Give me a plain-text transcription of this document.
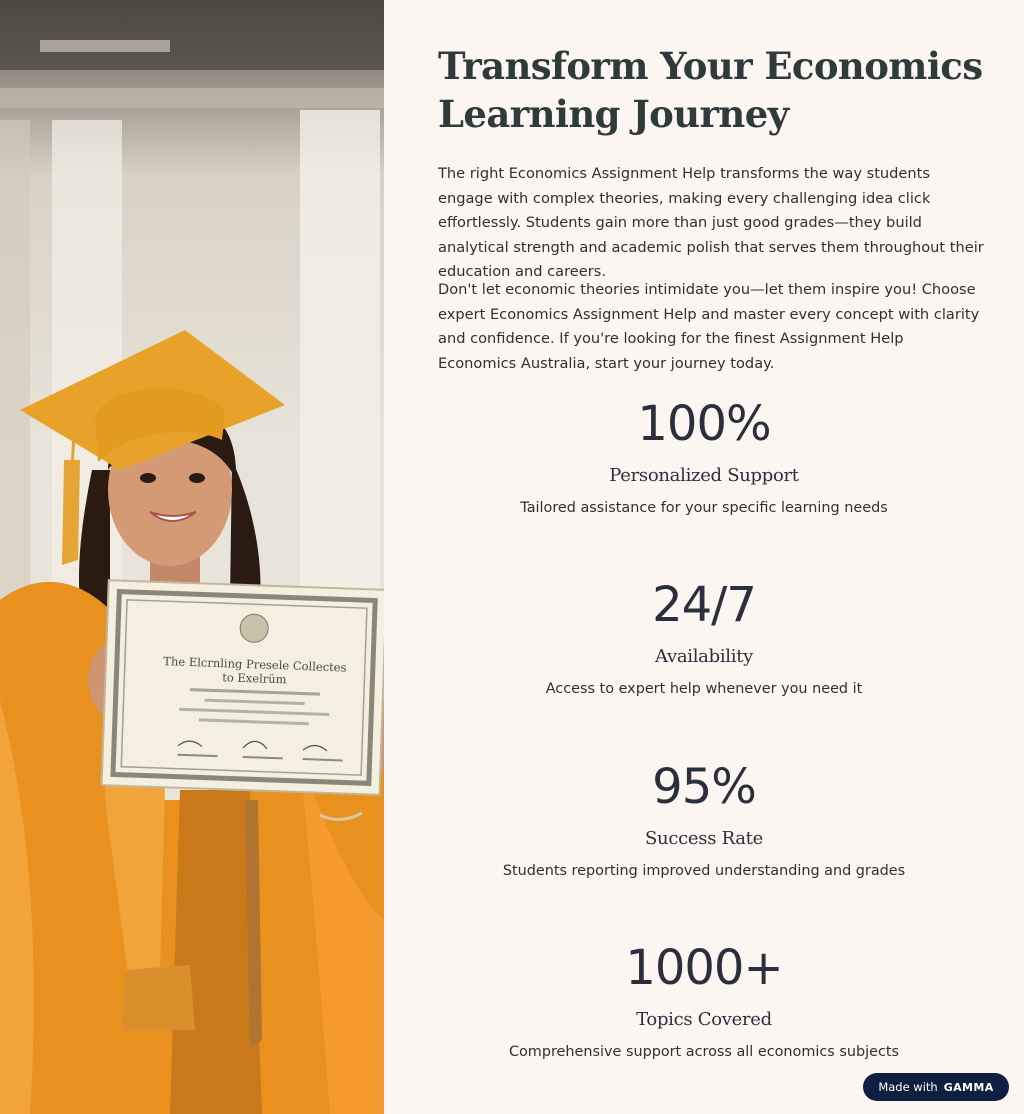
The Elcrnling Presele Collectes
to Exelrüm
Transform Your Economics
Learning Journey

The right Economics Assignment Help transforms the way students engage with complex theories, making every challenging idea click effortlessly. Students gain more than just good grades—they build analytical strength and academic polish that serves them throughout their education and careers.

Don't let economic theories intimidate you—let them inspire you! Choose expert Economics Assignment Help and master every concept with clarity and confidence. If you're looking for the finest Assignment Help Economics Australia, start your journey today.

100%
Personalized Support
Tailored assistance for your specific learning needs
24/7
Availability
Access to expert help whenever you need it
95%
Success Rate
Students reporting improved understanding and grades
1000+
Topics Covered
Comprehensive support across all economics subjects
Made with GAMMA
